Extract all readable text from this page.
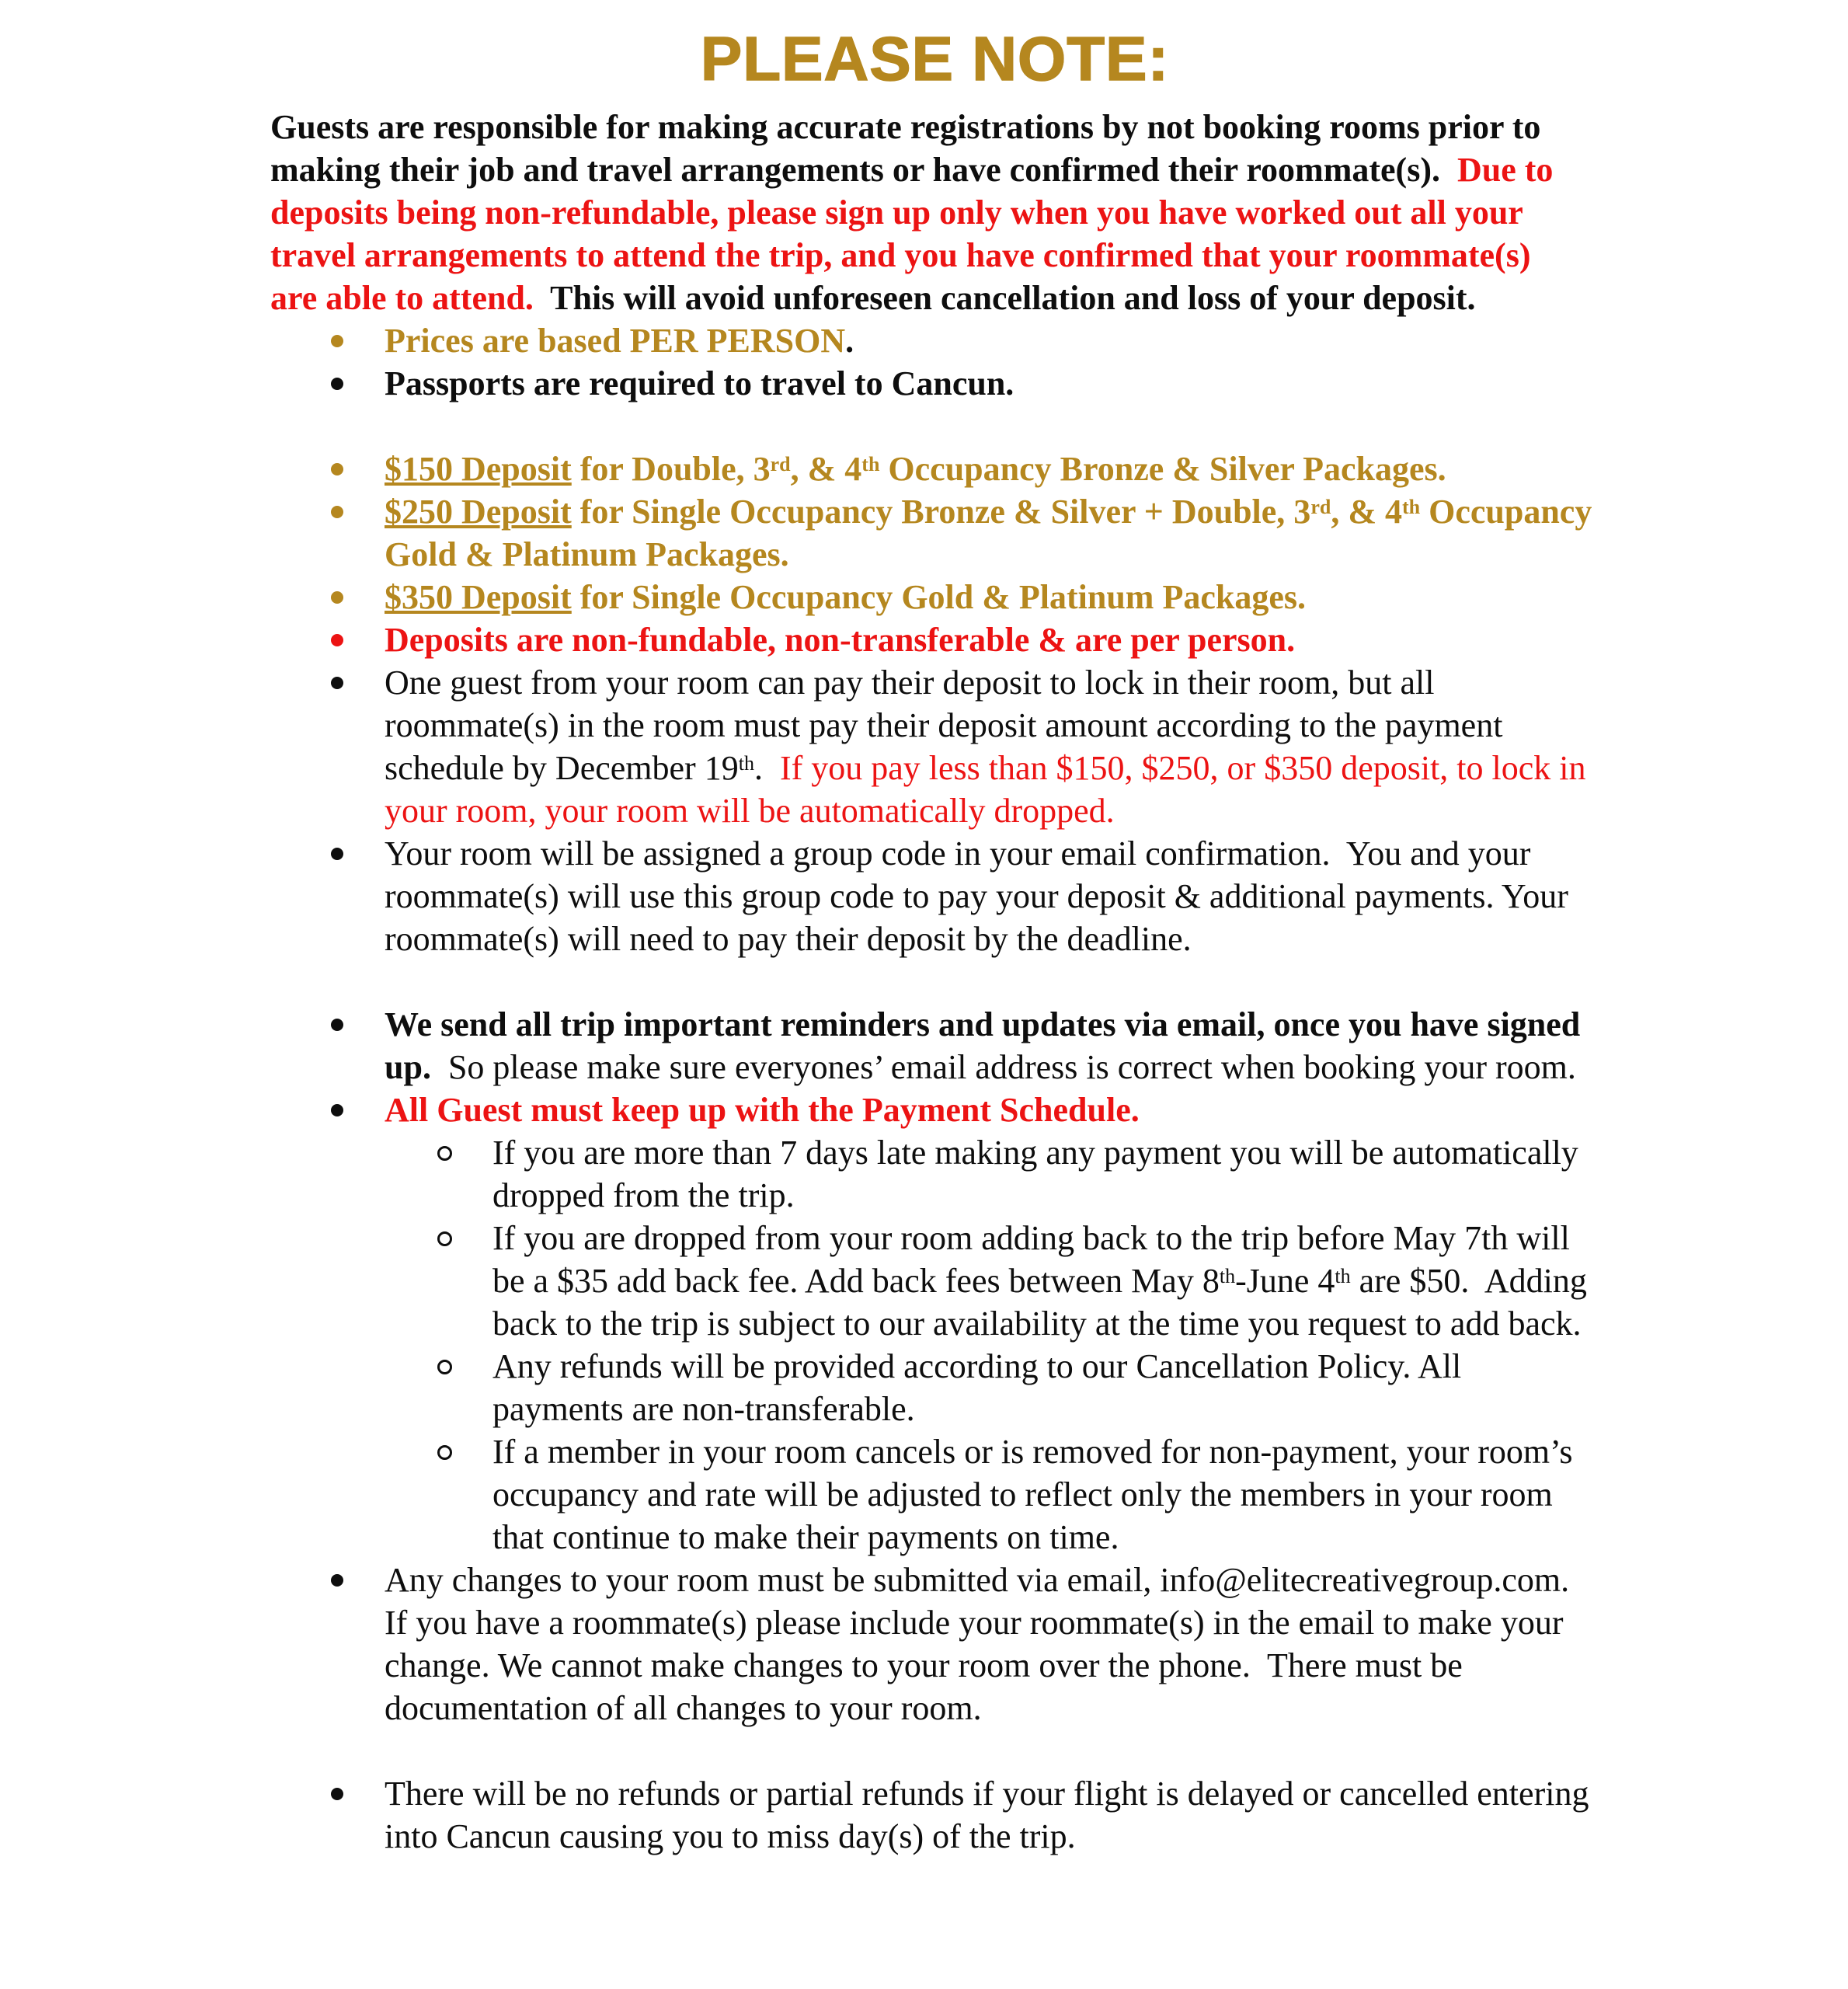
PLEASE NOTE:

Guests are responsible for making accurate registrations by not booking rooms prior to making their job and travel arrangements or have confirmed their roommate(s).  Due to deposits being non-refundable, please sign up only when you have worked out all your travel arrangements to attend the trip, and you have confirmed that your roommate(s) are able to attend.  This will avoid unforeseen cancellation and loss of your deposit.

Prices are based PER PERSON.
Passports are required to travel to Cancun.
$150 Deposit for Double, 3rd, & 4th Occupancy Bronze & Silver Packages.
$250 Deposit for Single Occupancy Bronze & Silver + Double, 3rd, & 4th Occupancy Gold & Platinum Packages.
$350 Deposit for Single Occupancy Gold & Platinum Packages.
Deposits are non-fundable, non-transferable & are per person.
One guest from your room can pay their deposit to lock in their room, but all roommate(s) in the room must pay their deposit amount according to the payment schedule by December 19th.  If you pay less than $150, $250, or $350 deposit, to lock in your room, your room will be automatically dropped.
Your room will be assigned a group code in your email confirmation.  You and your roommate(s) will use this group code to pay your deposit & additional payments. Your roommate(s) will need to pay their deposit by the deadline.
We send all trip important reminders and updates via email, once you have signed up.  So please make sure everyones’ email address is correct when booking your room.
All Guest must keep up with the Payment Schedule.
If you are more than 7 days late making any payment you will be automatically dropped from the trip.
If you are dropped from your room adding back to the trip before May 7th will be a $35 add back fee. Add back fees between May 8th-June 4th are $50.  Adding back to the trip is subject to our availability at the time you request to add back.
Any refunds will be provided according to our Cancellation Policy. All payments are non-transferable.
If a member in your room cancels or is removed for non-payment, your room’s occupancy and rate will be adjusted to reflect only the members in your room that continue to make their payments on time.
Any changes to your room must be submitted via email, info@elitecreativegroup.com. If you have a roommate(s) please include your roommate(s) in the email to make your change. We cannot make changes to your room over the phone.  There must be documentation of all changes to your room.
There will be no refunds or partial refunds if your flight is delayed or cancelled entering into Cancun causing you to miss day(s) of the trip.
